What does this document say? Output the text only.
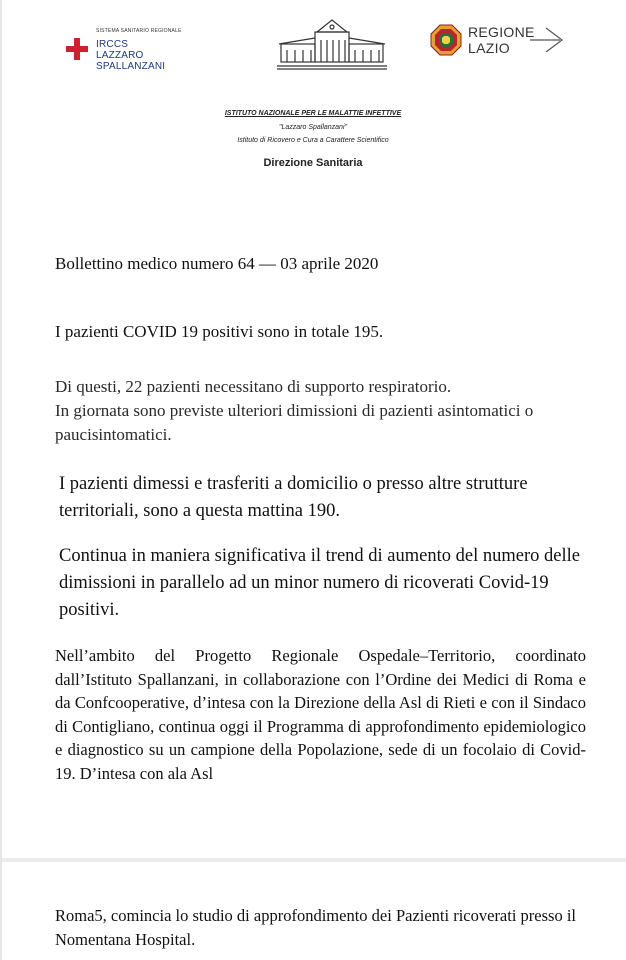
SISTEMA SANITARIO REGIONALE
IRCCS
LAZZARO SPALLANZANI
REGIONE
LAZIO
ISTITUTO NAZIONALE PER LE MALATTIE INFETTIVE
"Lazzaro Spallanzani"
Istituto di Ricovero e Cura a Carattere Scientifico
Direzione Sanitaria

Bollettino medico numero 64 — 03 aprile 2020

I pazienti COVID 19 positivi sono in totale 195.

Di questi, 22 pazienti necessitano di supporto respiratorio.
In giornata sono previste ulteriori dimissioni di pazienti asintomatici o paucisintomatici.

I pazienti dimessi e trasferiti a domicilio o presso altre strutture territoriali, sono a questa mattina 190.

Continua in maniera significativa il trend di aumento del numero delle dimissioni in parallelo ad un minor numero di ricoverati Covid-19 positivi.

Nell’ambito del Progetto Regionale Ospedale–Territorio, coordinato dall’Istituto Spallanzani, in collaborazione con l’Ordine dei Medici di Roma e da Confcooperative, d’intesa con la Direzione della Asl di Rieti e con il Sindaco di Contigliano, continua oggi il Programma di approfondimento epidemiologico e diagnostico su un campione della Popolazione, sede di un focolaio di Covid-19. D’intesa con ala Asl

Roma5, comincia lo studio di approfondimento dei Pazienti ricoverati presso il Nomentana Hospital.
